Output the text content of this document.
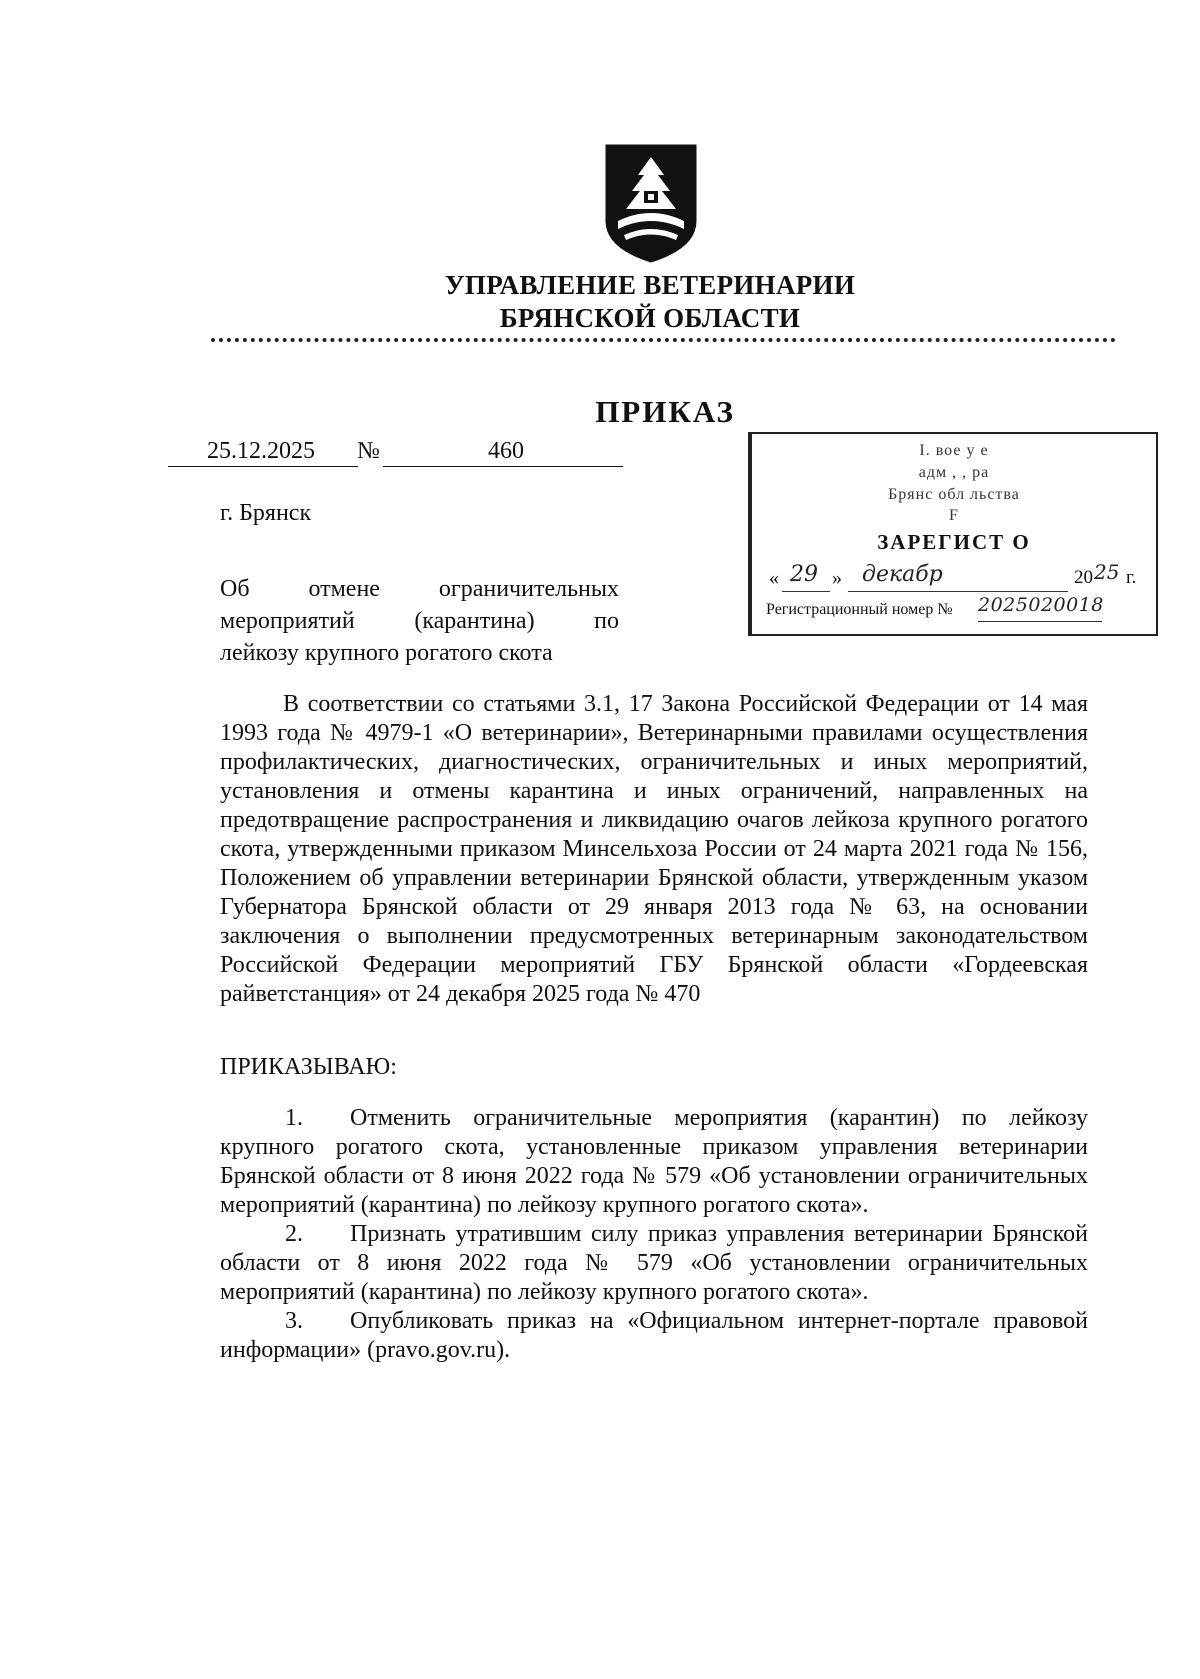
УПРАВЛЕНИЕ ВЕТЕРИНАРИИ
БРЯНСКОЙ ОБЛАСТИ
ПРИКАЗ
25.12.2025 №	460
г. Брянск
Об отмене ограничительных
мероприятий (карантина) по
лейкозу крупного рогатого скота
I. вое у е
адм , , ра
Брянс обл льства
F
ЗАРЕГИСТ О
« 29 » декабр	20 25 г.
Регистрационный номер № 2025020018

В соответствии со статьями 3.1, 17 Закона Российской Федерации от 14 мая 1993 года № 4979-1 «О ветеринарии», Ветеринарными правилами осуществления профилактических, диагностических, ограничительных и иных мероприятий, установления и отмены карантина и иных ограничений, направленных на предотвращение распространения и ликвидацию очагов лейкоза крупного рогатого скота, утвержденными приказом Минсельхоза России от 24 марта 2021 года № 156, Положением об управлении ветеринарии Брянской области, утвержденным указом Губернатора Брянской области от 29 января 2013 года № 63, на основании заключения о выполнении предусмотренных ветеринарным законодательством Российской Федерации мероприятий ГБУ Брянской области «Гордеевская райветстанция» от 24 декабря 2025 года № 470

ПРИКАЗЫВАЮ:

1. Отменить ограничительные мероприятия (карантин) по лейкозу крупного рогатого скота, установленные приказом управления ветеринарии Брянской области от 8 июня 2022 года № 579 «Об установлении ограничительных мероприятий (карантина) по лейкозу крупного рогатого скота».

2. Признать утратившим силу приказ управления ветеринарии Брянской области от 8 июня 2022 года № 579 «Об установлении ограничительных мероприятий (карантина) по лейкозу крупного рогатого скота».

3. Опубликовать приказ на «Официальном интернет-портале правовой информации» (pravo.gov.ru).
